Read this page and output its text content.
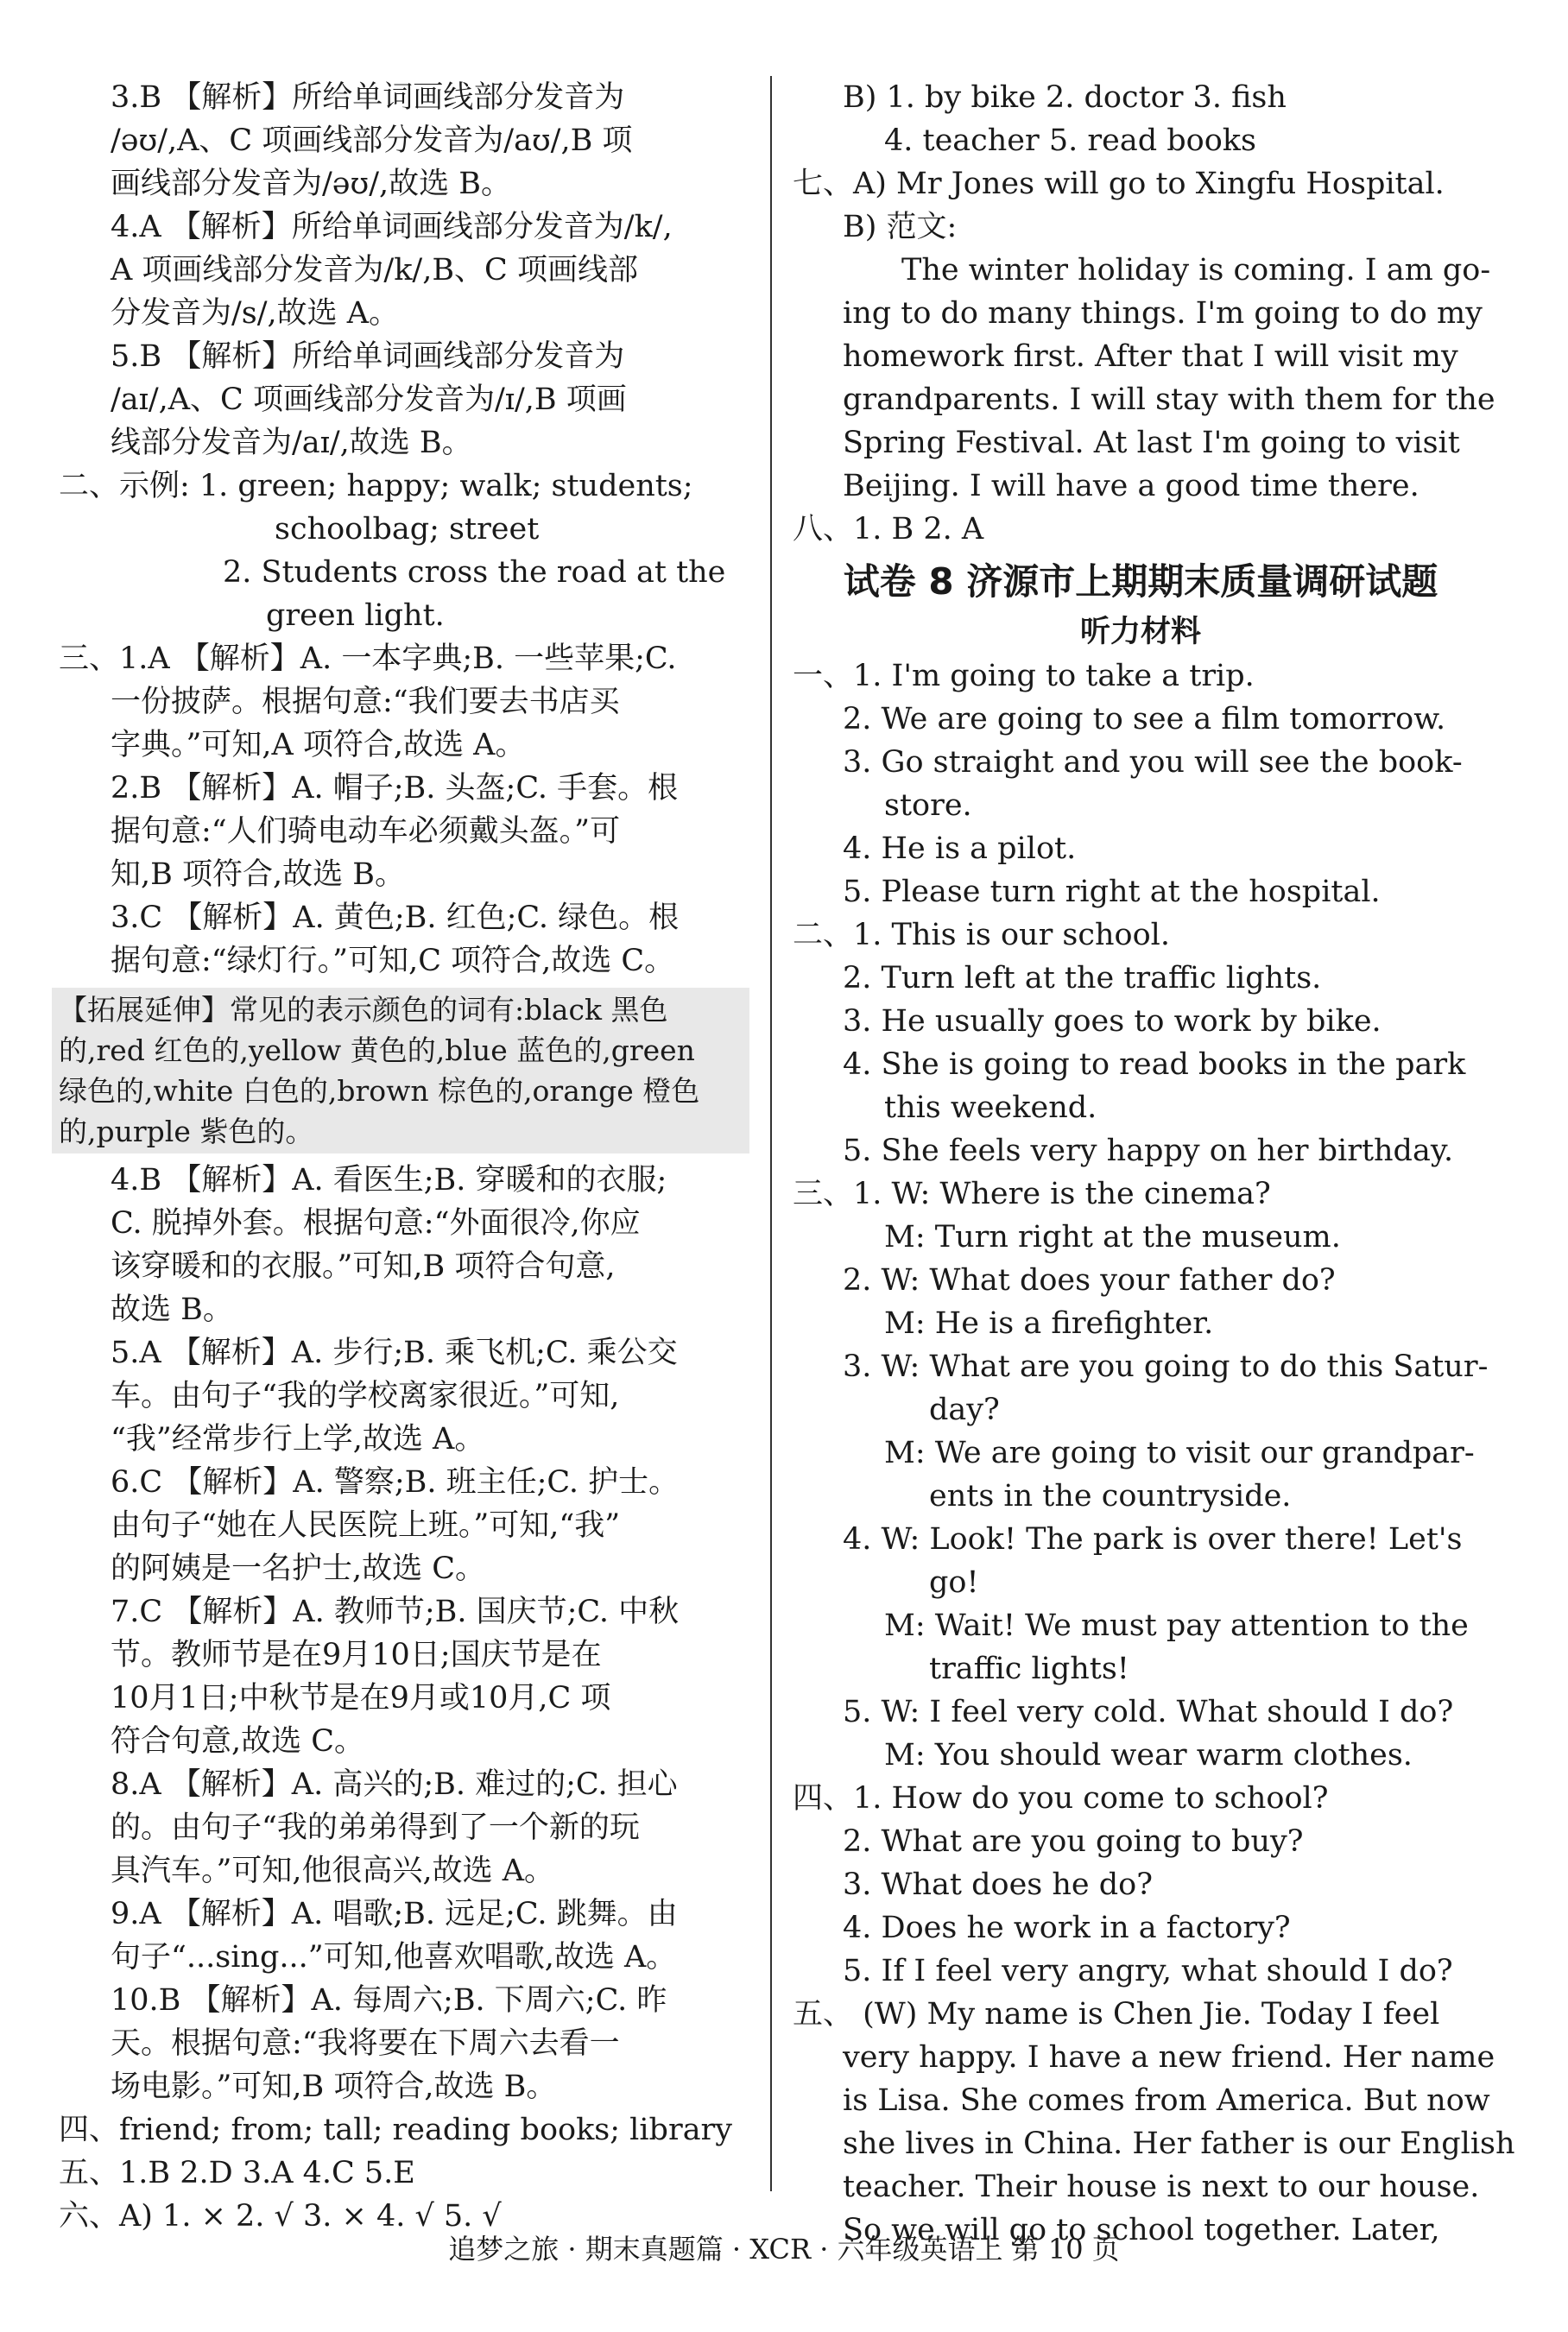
3.B 【解析】所给单词画线部分发音为
/əʊ/,A、C 项画线部分发音为/aʊ/,B 项
画线部分发音为/əʊ/,故选 B。
4.A 【解析】所给单词画线部分发音为/k/,
A 项画线部分发音为/k/,B、C 项画线部
分发音为/s/,故选 A。
5.B 【解析】所给单词画线部分发音为
/aɪ/,A、C 项画线部分发音为/ɪ/,B 项画
线部分发音为/aɪ/,故选 B。
二、示例: 1. green; happy; walk; students;
schoolbag; street
2. Students cross the road at the
green light.
三、1.A 【解析】A. 一本字典;B. 一些苹果;C.
一份披萨。根据句意:“我们要去书店买
字典。”可知,A 项符合,故选 A。
2.B 【解析】A. 帽子;B. 头盔;C. 手套。根
据句意:“人们骑电动车必须戴头盔。”可
知,B 项符合,故选 B。
3.C 【解析】A. 黄色;B. 红色;C. 绿色。根
据句意:“绿灯行。”可知,C 项符合,故选 C。
【拓展延伸】常见的表示颜色的词有:black 黑色
的,red 红色的,yellow 黄色的,blue 蓝色的,green
绿色的,white 白色的,brown 棕色的,orange 橙色
的,purple 紫色的。
4.B 【解析】A. 看医生;B. 穿暖和的衣服;
C. 脱掉外套。根据句意:“外面很冷,你应
该穿暖和的衣服。”可知,B 项符合句意,
故选 B。
5.A 【解析】A. 步行;B. 乘飞机;C. 乘公交
车。由句子“我的学校离家很近。”可知,
“我”经常步行上学,故选 A。
6.C 【解析】A. 警察;B. 班主任;C. 护士。
由句子“她在人民医院上班。”可知,“我”
的阿姨是一名护士,故选 C。
7.C 【解析】A. 教师节;B. 国庆节;C. 中秋
节。教师节是在9月10日;国庆节是在
10月1日;中秋节是在9月或10月,C 项
符合句意,故选 C。
8.A 【解析】A. 高兴的;B. 难过的;C. 担心
的。由句子“我的弟弟得到了一个新的玩
具汽车。”可知,他很高兴,故选 A。
9.A 【解析】A. 唱歌;B. 远足;C. 跳舞。由
句子“...sing...”可知,他喜欢唱歌,故选 A。
10.B 【解析】A. 每周六;B. 下周六;C. 昨
天。根据句意:“我将要在下周六去看一
场电影。”可知,B 项符合,故选 B。
四、friend; from; tall; reading books; library
五、1.B 2.D 3.A 4.C 5.E
六、A) 1. × 2. √ 3. × 4. √ 5. √
B) 1. by bike 2. doctor 3. fish
4. teacher 5. read books
七、A) Mr Jones will go to Xingfu Hospital.
B) 范文:
The winter holiday is coming. I am go-
ing to do many things. I'm going to do my
homework first. After that I will visit my
grandparents. I will stay with them for the
Spring Festival. At last I'm going to visit
Beijing. I will have a good time there.
八、1. B 2. A
试卷 8 济源市上期期末质量调研试题
听力材料
一、1. I'm going to take a trip.
2. We are going to see a film tomorrow.
3. Go straight and you will see the book-
store.
4. He is a pilot.
5. Please turn right at the hospital.
二、1. This is our school.
2. Turn left at the traffic lights.
3. He usually goes to work by bike.
4. She is going to read books in the park
this weekend.
5. She feels very happy on her birthday.
三、1. W: Where is the cinema?
M: Turn right at the museum.
2. W: What does your father do?
M: He is a firefighter.
3. W: What are you going to do this Satur-
day?
M: We are going to visit our grandpar-
ents in the countryside.
4. W: Look! The park is over there! Let's
go!
M: Wait! We must pay attention to the
traffic lights!
5. W: I feel very cold. What should I do?
M: You should wear warm clothes.
四、1. How do you come to school?
2. What are you going to buy?
3. What does he do?
4. Does he work in a factory?
5. If I feel very angry, what should I do?
五、 (W) My name is Chen Jie. Today I feel
very happy. I have a new friend. Her name
is Lisa. She comes from America. But now
she lives in China. Her father is our English
teacher. Their house is next to our house.
So we will go to school together. Later,
追梦之旅 · 期末真题篇 · XCR · 六年级英语上 第 10 页
